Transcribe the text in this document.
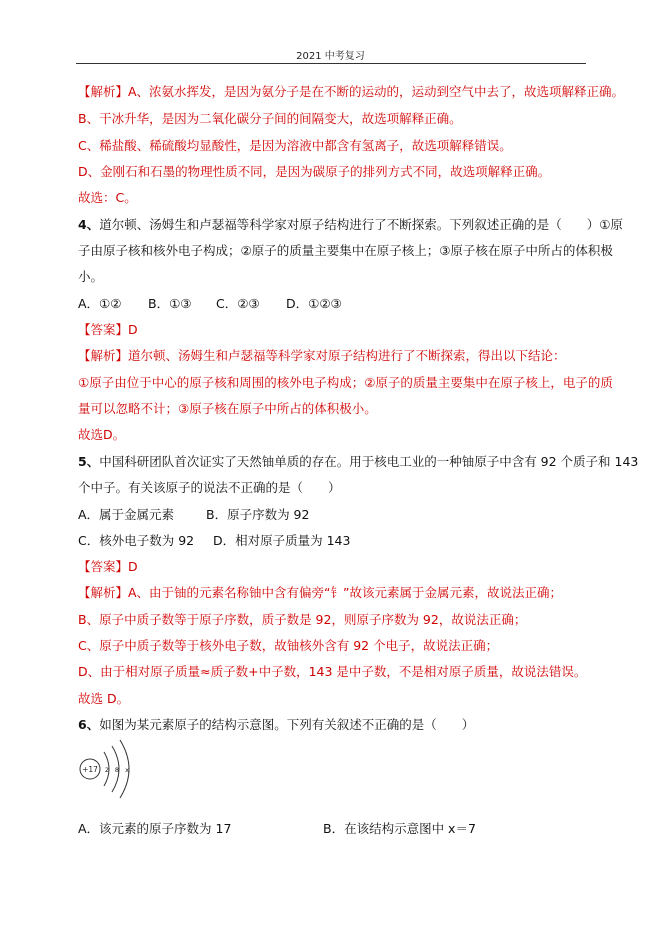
2021 中考复习
【解析】A、浓氨水挥发，是因为氨分子是在不断的运动的，运动到空气中去了，故选项解释正确。
B、干冰升华，是因为二氧化碳分子间的间隔变大，故选项解释正确。
C、稀盐酸、稀硫酸均显酸性，是因为溶液中都含有氢离子，故选项解释错误。
D、金刚石和石墨的物理性质不同，是因为碳原子的排列方式不同，故选项解释正确。
故选：C。
4、道尔顿、汤姆生和卢瑟福等科学家对原子结构进行了不断探索。下列叙述正确的是（　　）①原
子由原子核和核外电子构成；②原子的质量主要集中在原子核上；③原子核在原子中所占的体积极
小。
A．①② B．①③ C．②③ D．①②③
【答案】D
【解析】道尔顿、汤姆生和卢瑟福等科学家对原子结构进行了不断探索，得出以下结论：
①原子由位于中心的原子核和周围的核外电子构成；②原子的质量主要集中在原子核上，电子的质
量可以忽略不计；③原子核在原子中所占的体积极小。
故选D。
5、中国科研团队首次证实了天然铀单质的存在。用于核电工业的一种铀原子中含有 92 个质子和 143
个中子。有关该原子的说法不正确的是（　　）
A．属于金属元素	B．原子序数为 92
C．核外电子数为 92 D．相对原子质量为 143
【答案】D
【解析】A、由于铀的元素名称铀中含有偏旁“钅”故该元素属于金属元素，故说法正确；
B、原子中质子数等于原子序数，质子数是 92，则原子序数为 92，故说法正确；
C、原子中质子数等于核外电子数，故铀核外含有 92 个电子，故说法正确；
D、由于相对原子质量≈质子数+中子数，143 是中子数，不是相对原子质量，故说法错误。
故选 D。
6、如图为某元素原子的结构示意图。下列有关叙述不正确的是（　　）
+17 2 8 x
A．该元素的原子序数为 17	B．在该结构示意图中 x＝7
